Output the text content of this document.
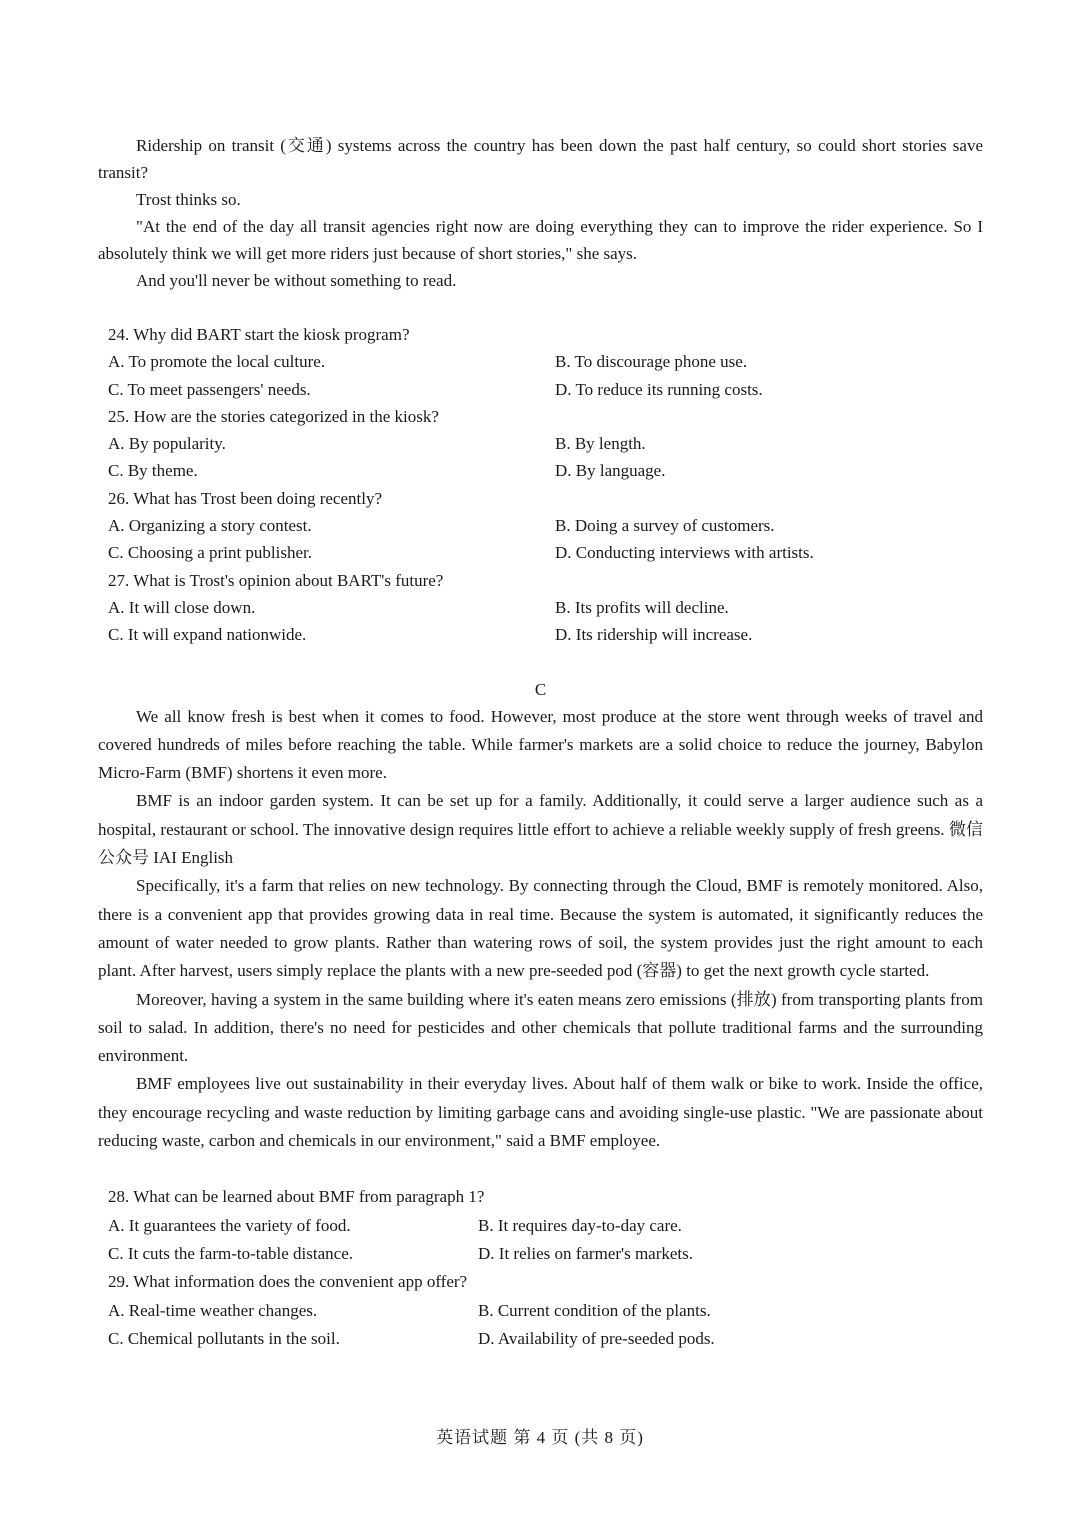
Ridership on transit (交通) systems across the country has been down the past half century, so could short stories save transit?

Trost thinks so.

"At the end of the day all transit agencies right now are doing everything they can to improve the rider experience. So I absolutely think we will get more riders just because of short stories," she says.

And you'll never be without something to read.

24. Why did BART start the kiosk program?

A. To promote the local culture.	B. To discourage phone use.
C. To meet passengers' needs.	D. To reduce its running costs.

25. How are the stories categorized in the kiosk?

A. By popularity.	B. By length.
C. By theme.	D. By language.

26. What has Trost been doing recently?

A. Organizing a story contest.	B. Doing a survey of customers.
C. Choosing a print publisher.	D. Conducting interviews with artists.

27. What is Trost's opinion about BART's future?

A. It will close down.	B. Its profits will decline.
C. It will expand nationwide.	D. Its ridership will increase.

C

We all know fresh is best when it comes to food. However, most produce at the store went through weeks of travel and covered hundreds of miles before reaching the table. While farmer's markets are a solid choice to reduce the journey, Babylon Micro-Farm (BMF) shortens it even more.

BMF is an indoor garden system. It can be set up for a family. Additionally, it could serve a larger audience such as a hospital, restaurant or school. The innovative design requires little effort to achieve a reliable weekly supply of fresh greens. 微信公众号 IAI English

Specifically, it's a farm that relies on new technology. By connecting through the Cloud, BMF is remotely monitored. Also, there is a convenient app that provides growing data in real time. Because the system is automated, it significantly reduces the amount of water needed to grow plants. Rather than watering rows of soil, the system provides just the right amount to each plant. After harvest, users simply replace the plants with a new pre-seeded pod (容器) to get the next growth cycle started.

Moreover, having a system in the same building where it's eaten means zero emissions (排放) from transporting plants from soil to salad. In addition, there's no need for pesticides and other chemicals that pollute traditional farms and the surrounding environment.

BMF employees live out sustainability in their everyday lives. About half of them walk or bike to work. Inside the office, they encourage recycling and waste reduction by limiting garbage cans and avoiding single-use plastic. "We are passionate about reducing waste, carbon and chemicals in our environment," said a BMF employee.

28. What can be learned about BMF from paragraph 1?

A. It guarantees the variety of food.	B. It requires day-to-day care.
C. It cuts the farm-to-table distance.	D. It relies on farmer's markets.

29. What information does the convenient app offer?

A. Real-time weather changes.	B. Current condition of the plants.
C. Chemical pollutants in the soil.	D. Availability of pre-seeded pods.
英语试题 第 4 页 (共 8 页)
